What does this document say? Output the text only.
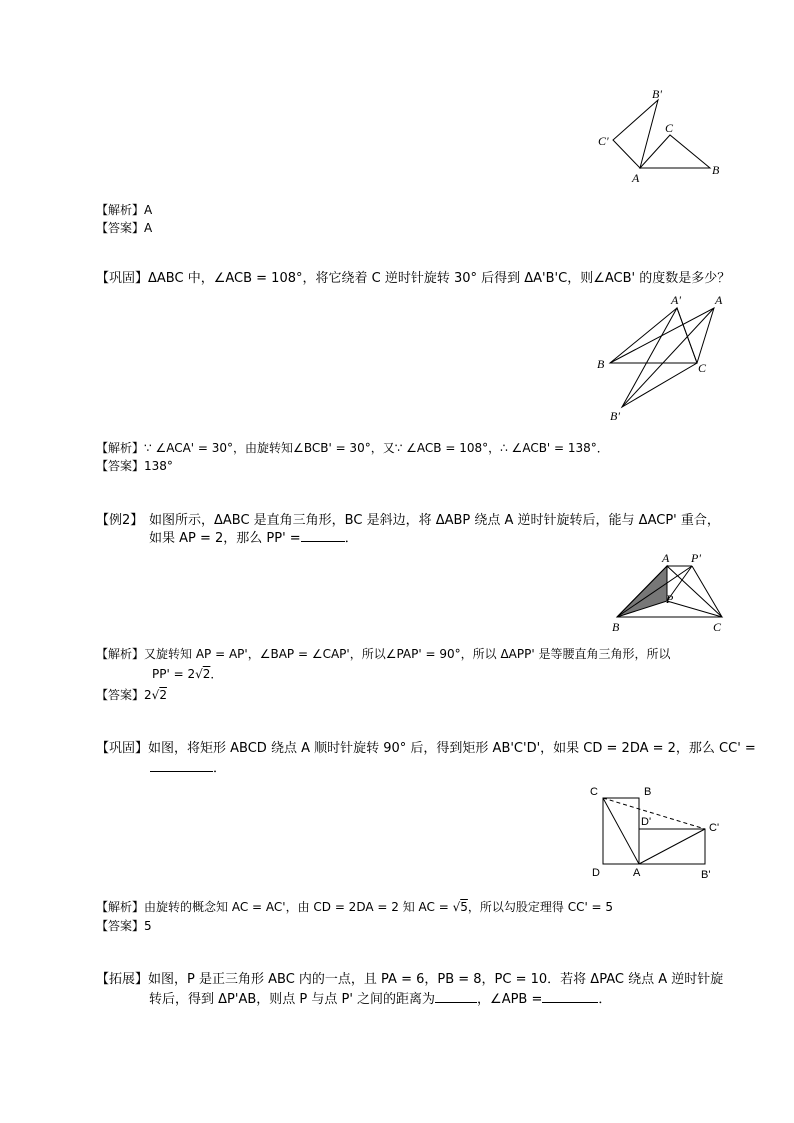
B'
C
C'
A
B
【解析】A
【答案】A
【巩固】ΔABC 中，∠ACB = 108°，将它绕着 C 逆时针旋转 30° 后得到 ΔA'B'C，则∠ACB' 的度数是多少？
A'	A
B	C
B'
【解析】∵ ∠ACA' = 30°，由旋转知∠BCB' = 30°，又∵ ∠ACB = 108°，∴ ∠ACB' = 138°．
【答案】138°
【例2】 如图所示，ΔABC 是直角三角形，BC 是斜边，将 ΔABP 绕点 A 逆时针旋转后，能与 ΔACP' 重合，
如果 AP = 2，那么 PP' =	．
A P'
P
B	C
【解析】又旋转知 AP = AP'，∠BAP = ∠CAP'，所以∠PAP' = 90°，所以 ΔAPP' 是等腰直角三角形，所以
PP' = 2√2．
【答案】2√2
【巩固】如图，将矩形 ABCD 绕点 A 顺时针旋转 90° 后，得到矩形 AB'C'D'，如果 CD = 2DA = 2，那么 CC' =
．
C	B
D'	C'
D	A	B'
【解析】由旋转的概念知 AC = AC'，由 CD = 2DA = 2 知 AC = √5，所以勾股定理得 CC' = 5
【答案】5
【拓展】如图，P 是正三角形 ABC 内的一点，且 PA = 6，PB = 8，PC = 10．若将 ΔPAC 绕点 A 逆时针旋
转后，得到 ΔP'AB，则点 P 与点 P' 之间的距离为	，∠APB =	．
